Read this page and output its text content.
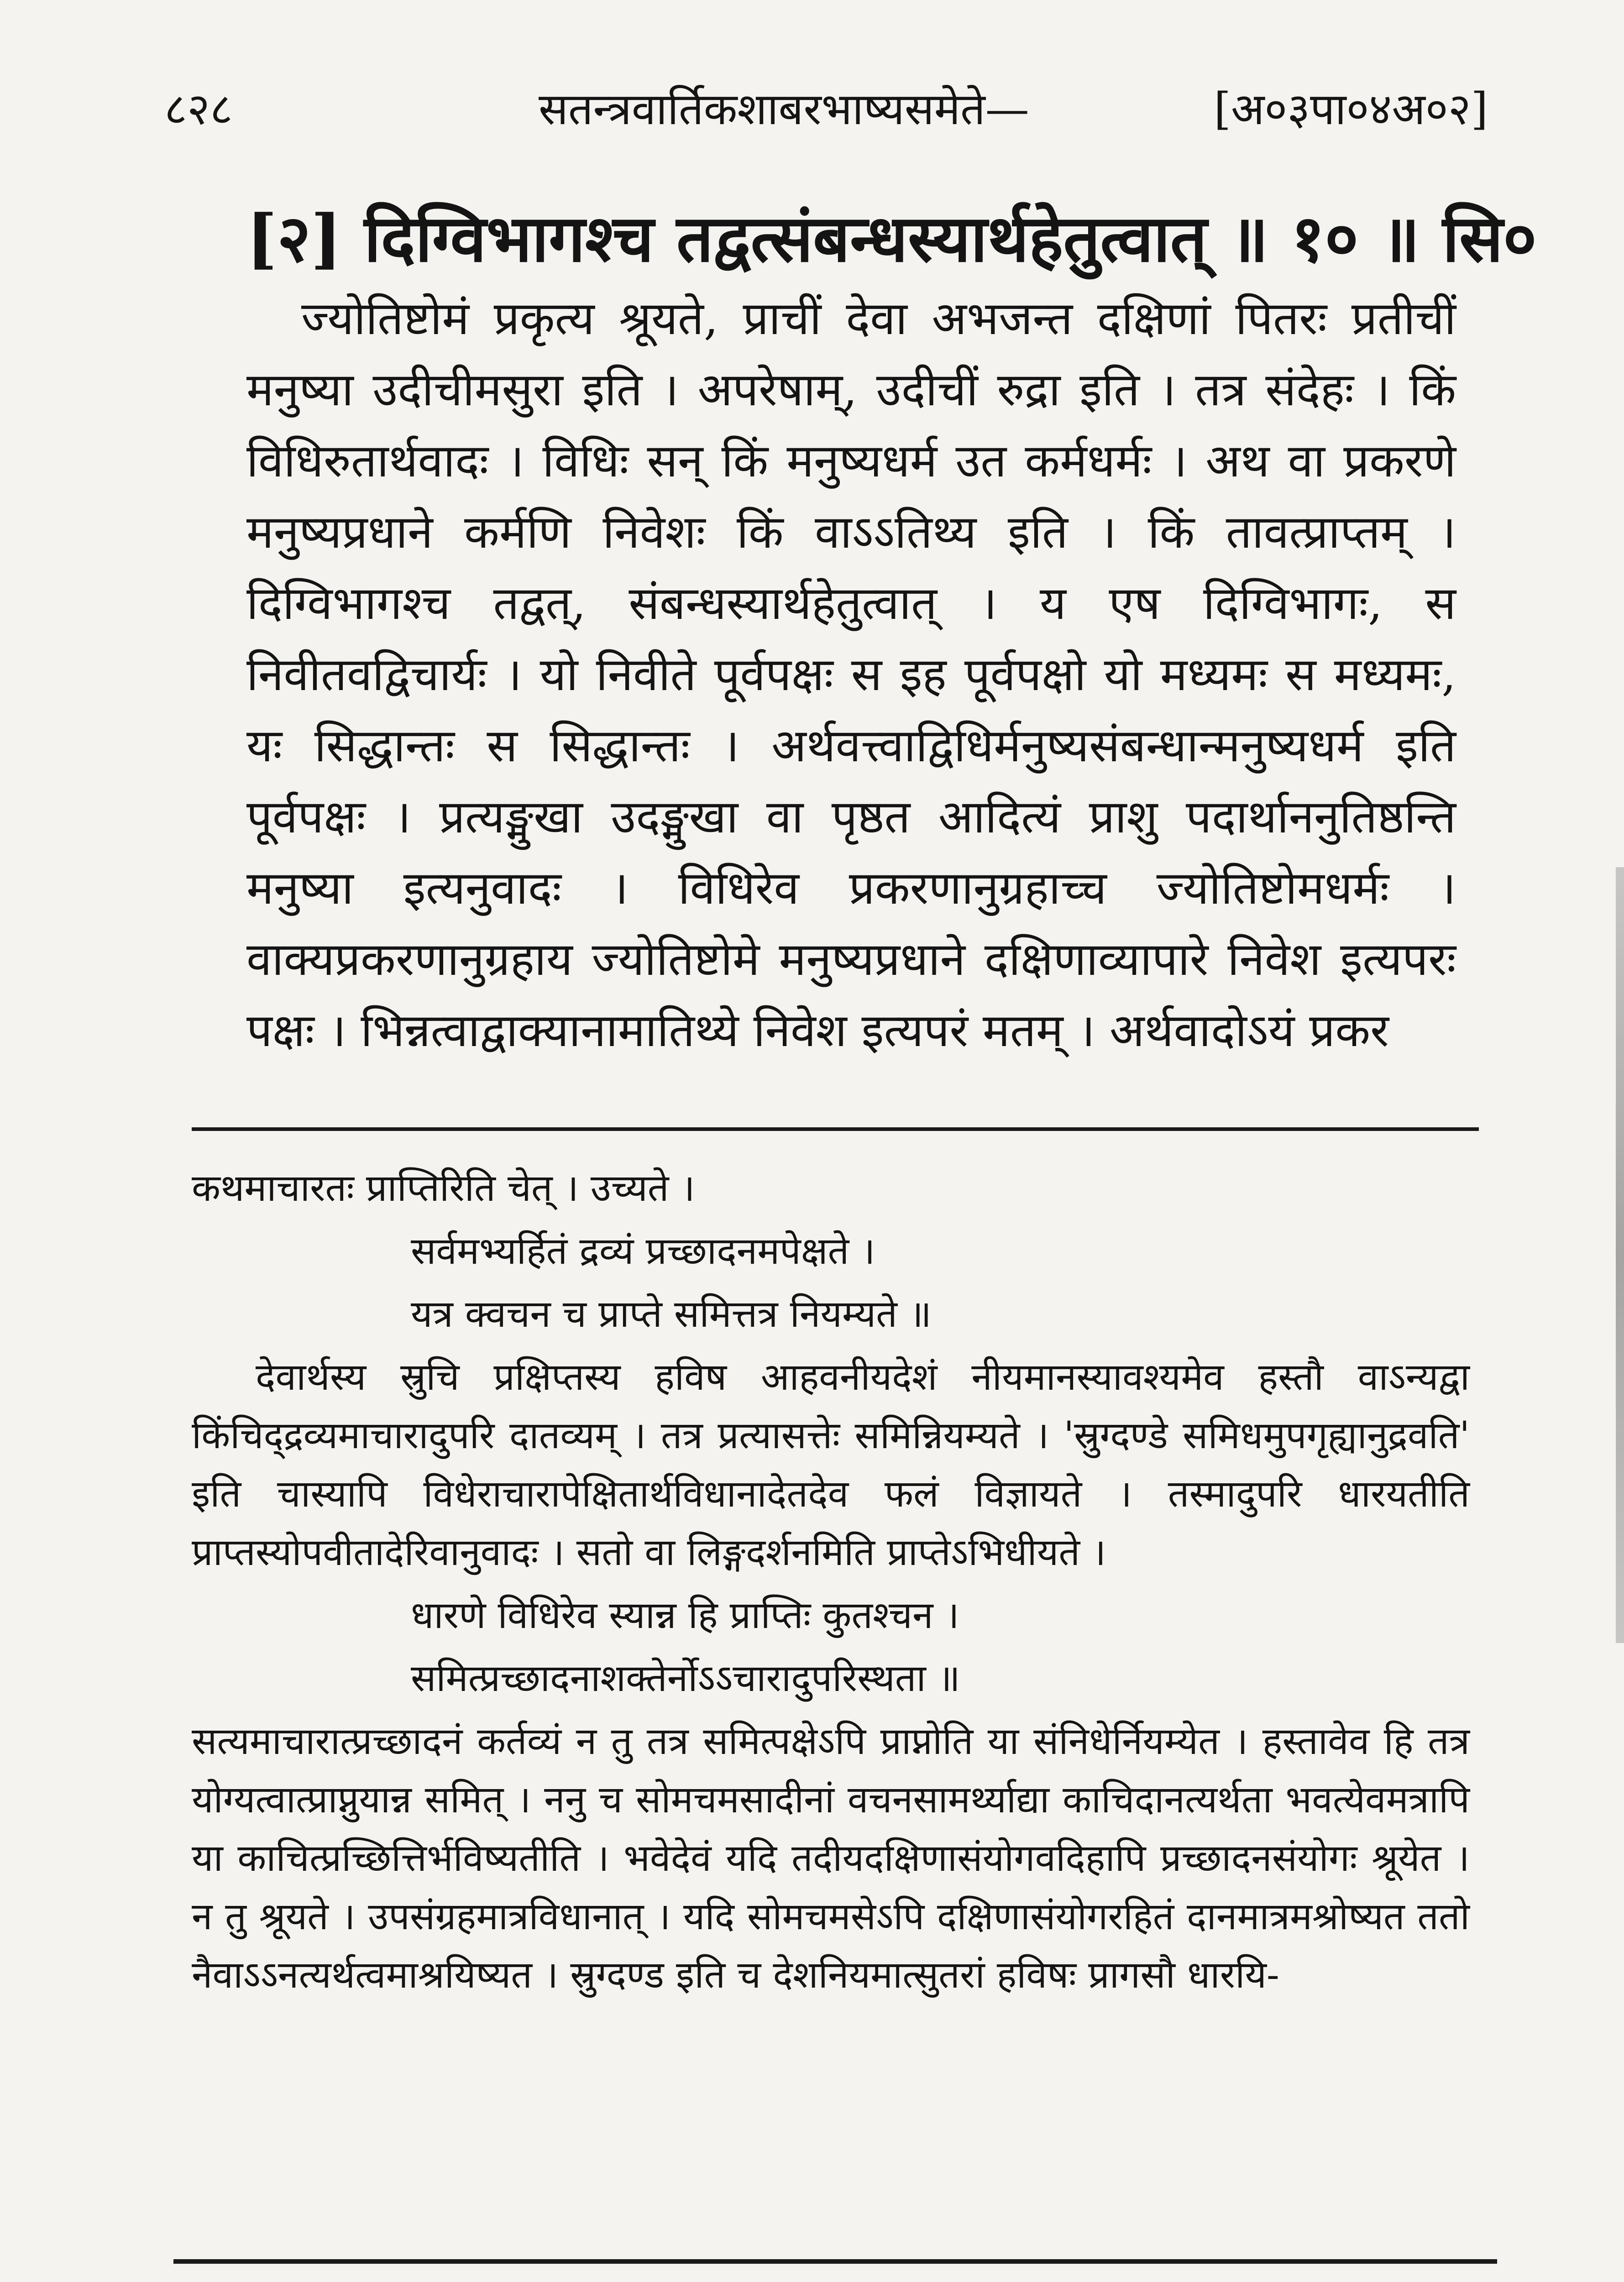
८२८	सतन्त्रवार्तिकशाबरभाष्यसमेते—	[अ०३पा०४अ०२]
[२] दिग्विभागश्च तद्वत्संबन्धस्यार्थहेतुत्वात् ॥ १० ॥ सि०

ज्योतिष्टोमं प्रकृत्य श्रूयते, प्राचीं देवा अभजन्त दक्षिणां पितरः प्रतीचीं मनुष्या उदीचीमसुरा इति । अपरेषाम्, उदीचीं रुद्रा इति । तत्र संदेहः । किं विधिरुतार्थवादः । विधिः सन् किं मनुष्यधर्म उत कर्मधर्मः । अथ वा प्रकरणे मनुष्यप्रधाने कर्मणि निवेशः किं वाऽऽतिथ्य इति । किं तावत्प्राप्तम् । दिग्विभागश्च तद्वत्, संबन्धस्यार्थहेतुत्वात् । य एष दिग्विभागः, स निवीतवद्विचार्यः । यो निवीते पूर्वपक्षः स इह पूर्वपक्षो यो मध्यमः स मध्यमः, यः सिद्धान्तः स सिद्धान्तः । अर्थवत्त्वाद्विधिर्मनुष्यसंबन्धान्मनुष्यधर्म इति पूर्वपक्षः । प्रत्यङ्मुखा उदङ्मुखा वा पृष्ठत आदित्यं प्राशु पदार्थाननुतिष्ठन्ति मनुष्या इत्यनुवादः । विधिरेव प्रकरणानुग्रहाच्च ज्योतिष्टोमधर्मः । वाक्यप्रकरणानुग्रहाय ज्योतिष्टोमे मनुष्यप्रधाने दक्षिणाव्यापारे निवेश इत्यपरः पक्षः । भिन्नत्वाद्वाक्यानामातिथ्ये निवेश इत्यपरं मतम् । अर्थवादोऽयं प्रकर

कथमाचारतः प्राप्तिरिति चेत् । उच्यते ।

सर्वमभ्यर्हितं द्रव्यं प्रच्छादनमपेक्षते ।

यत्र क्वचन च प्राप्ते समित्तत्र नियम्यते ॥

देवार्थस्य स्रुचि प्रक्षिप्तस्य हविष आहवनीयदेशं नीयमानस्यावश्यमेव हस्तौ वाऽन्यद्वा किंचिद्द्रव्यमाचारादुपरि दातव्यम् । तत्र प्रत्यासत्तेः समिन्नियम्यते । 'स्रुग्दण्डे समिधमुपगृह्यानुद्रवति' इति चास्यापि विधेराचारापेक्षितार्थविधानादेतदेव फलं विज्ञायते । तस्मादुपरि धारयतीति प्राप्तस्योपवीतादेरिवानुवादः । सतो वा लिङ्गदर्शनमिति प्राप्तेऽभिधीयते ।

धारणे विधिरेव स्यान्न हि प्राप्तिः कुतश्चन ।

समित्प्रच्छादनाशक्तेर्नोऽऽचारादुपरिस्थता ॥

सत्यमाचारात्प्रच्छादनं कर्तव्यं न तु तत्र समित्पक्षेऽपि प्राप्नोति या संनिधेर्नियम्येत । हस्तावेव हि तत्र योग्यत्वात्प्राप्नुयान्न समित् । ननु च सोमचमसादीनां वचनसामर्थ्याद्या काचिदानत्यर्थता भवत्येवमत्रापि या काचित्प्रच्छित्तिर्भविष्यतीति । भवेदेवं यदि तदीयदक्षिणासंयोगवदिहापि प्रच्छादनसंयोगः श्रूयेत । न तु श्रूयते । उपसंग्रहमात्रविधानात् । यदि सोमचमसेऽपि दक्षिणासंयोगरहितं दानमात्रमश्रोष्यत ततो नैवाऽऽनत्यर्थत्वमाश्रयिष्यत । स्रुग्दण्ड इति च देशनियमात्सुतरां हविषः प्रागसौ धारयि-
